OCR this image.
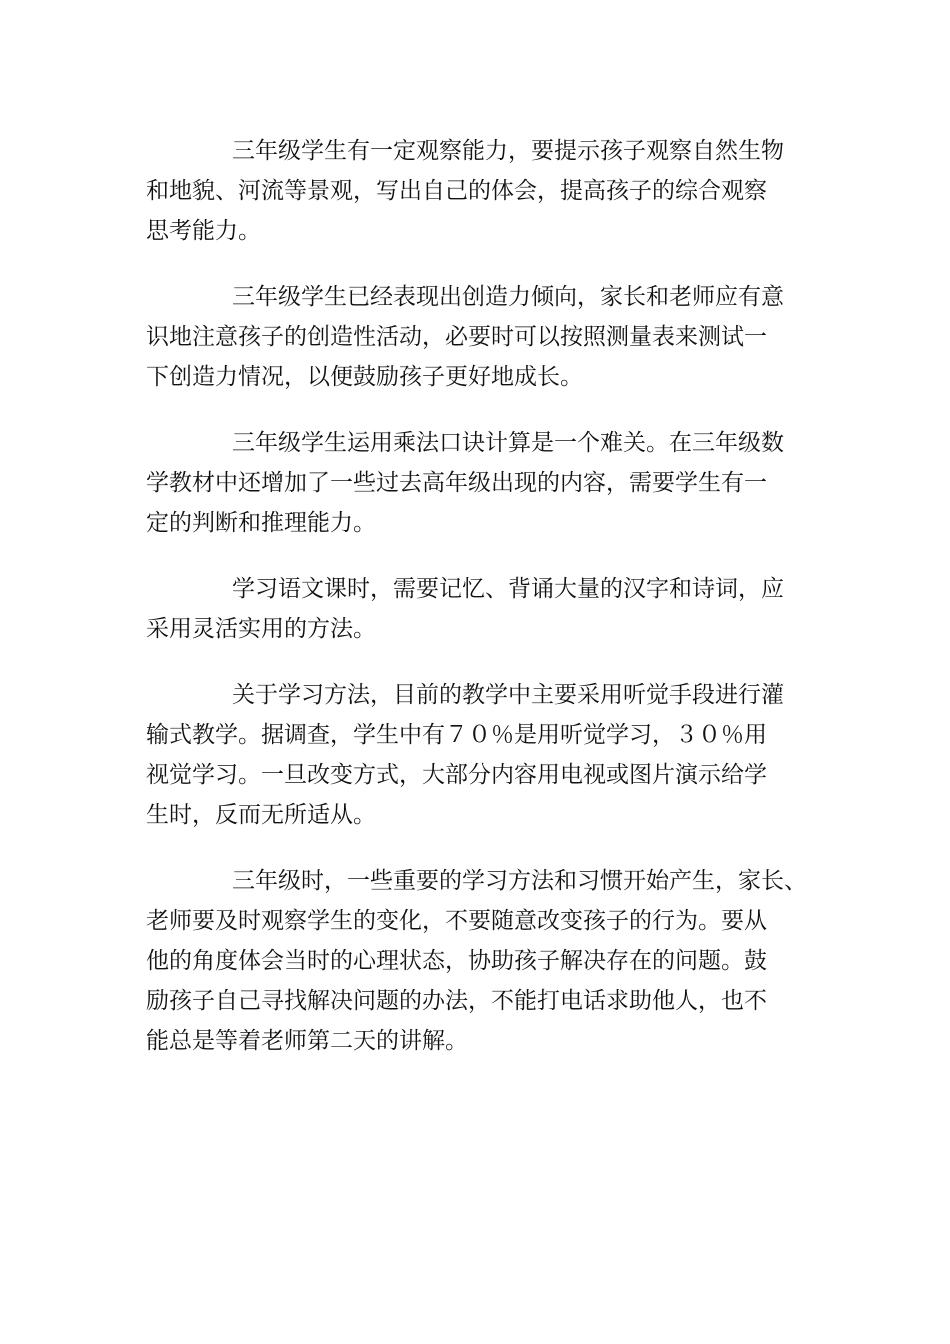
三年级学生有一定观察能力，要提示孩子观察自然生物
和地貌、河流等景观，写出自己的体会，提高孩子的综合观察
思考能力。

三年级学生已经表现出创造力倾向，家长和老师应有意
识地注意孩子的创造性活动，必要时可以按照测量表来测试一
下创造力情况，以便鼓励孩子更好地成长。

三年级学生运用乘法口诀计算是一个难关。在三年级数
学教材中还增加了一些过去高年级出现的内容，需要学生有一
定的判断和推理能力。

学习语文课时，需要记忆、背诵大量的汉字和诗词，应
采用灵活实用的方法。

关于学习方法，目前的教学中主要采用听觉手段进行灌
输式教学。据调查，学生中有７０％是用听觉学习，３０％用
视觉学习。一旦改变方式，大部分内容用电视或图片演示给学
生时，反而无所适从。

三年级时，一些重要的学习方法和习惯开始产生，家长、
老师要及时观察学生的变化，不要随意改变孩子的行为。要从
他的角度体会当时的心理状态，协助孩子解决存在的问题。鼓
励孩子自己寻找解决问题的办法，不能打电话求助他人，也不
能总是等着老师第二天的讲解。
